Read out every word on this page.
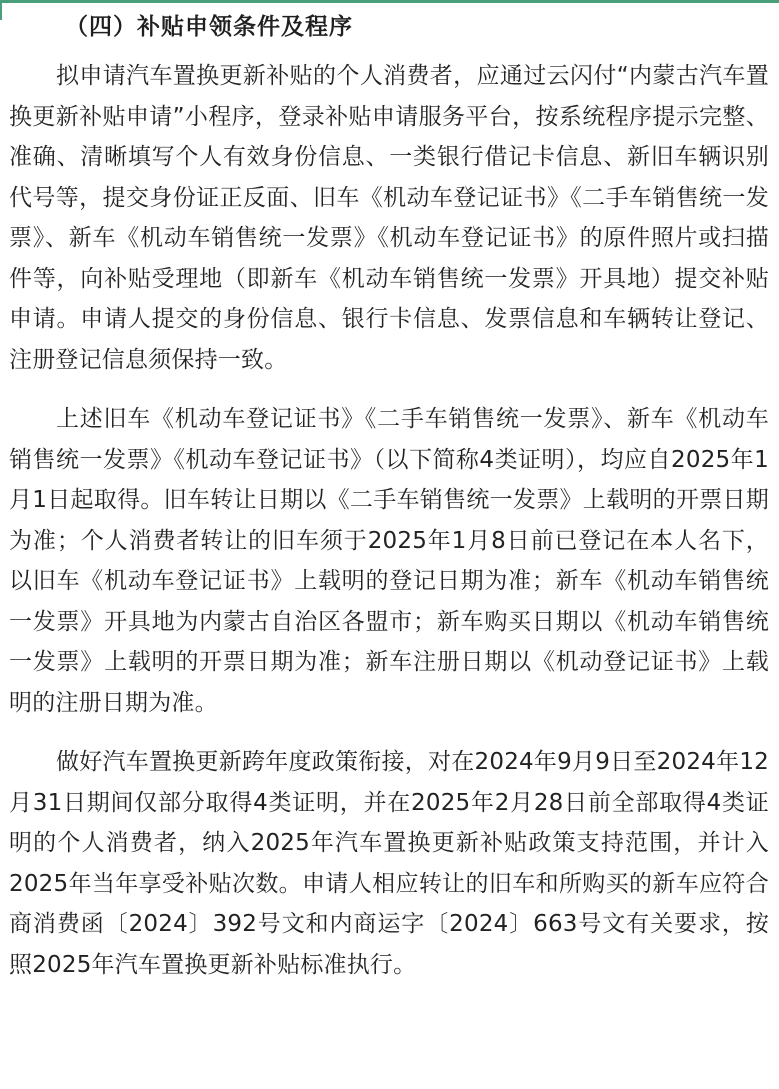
（四）补贴申领条件及程序

拟申请汽车置换更新补贴的个人消费者，应通过云闪付“内蒙古汽车置换更新补贴申请”小程序，登录补贴申请服务平台，按系统程序提示完整、准确、清晰填写个人有效身份信息、一类银行借记卡信息、新旧车辆识别代号等，提交身份证正反面、旧车《机动车登记证书》《二手车销售统一发票》、新车《机动车销售统一发票》《机动车登记证书》的原件照片或扫描件等，向补贴受理地（即新车《机动车销售统一发票》开具地）提交补贴申请。申请人提交的身份信息、银行卡信息、发票信息和车辆转让登记、注册登记信息须保持一致。

上述旧车《机动车登记证书》《二手车销售统一发票》、新车《机动车销售统一发票》《机动车登记证书》（以下简称4类证明），均应自2025年1月1日起取得。旧车转让日期以《二手车销售统一发票》上载明的开票日期为准；个人消费者转让的旧车须于2025年1月8日前已登记在本人名下，以旧车《机动车登记证书》上载明的登记日期为准；新车《机动车销售统一发票》开具地为内蒙古自治区各盟市；新车购买日期以《机动车销售统一发票》上载明的开票日期为准；新车注册日期以《机动登记证书》上载明的注册日期为准。

做好汽车置换更新跨年度政策衔接，对在2024年9月9日至2024年12月31日期间仅部分取得4类证明，并在2025年2月28日前全部取得4类证明的个人消费者，纳入2025年汽车置换更新补贴政策支持范围，并计入2025年当年享受补贴次数。申请人相应转让的旧车和所购买的新车应符合商消费函〔2024〕392号文和内商运字〔2024〕663号文有关要求，按照2025年汽车置换更新补贴标准执行。
